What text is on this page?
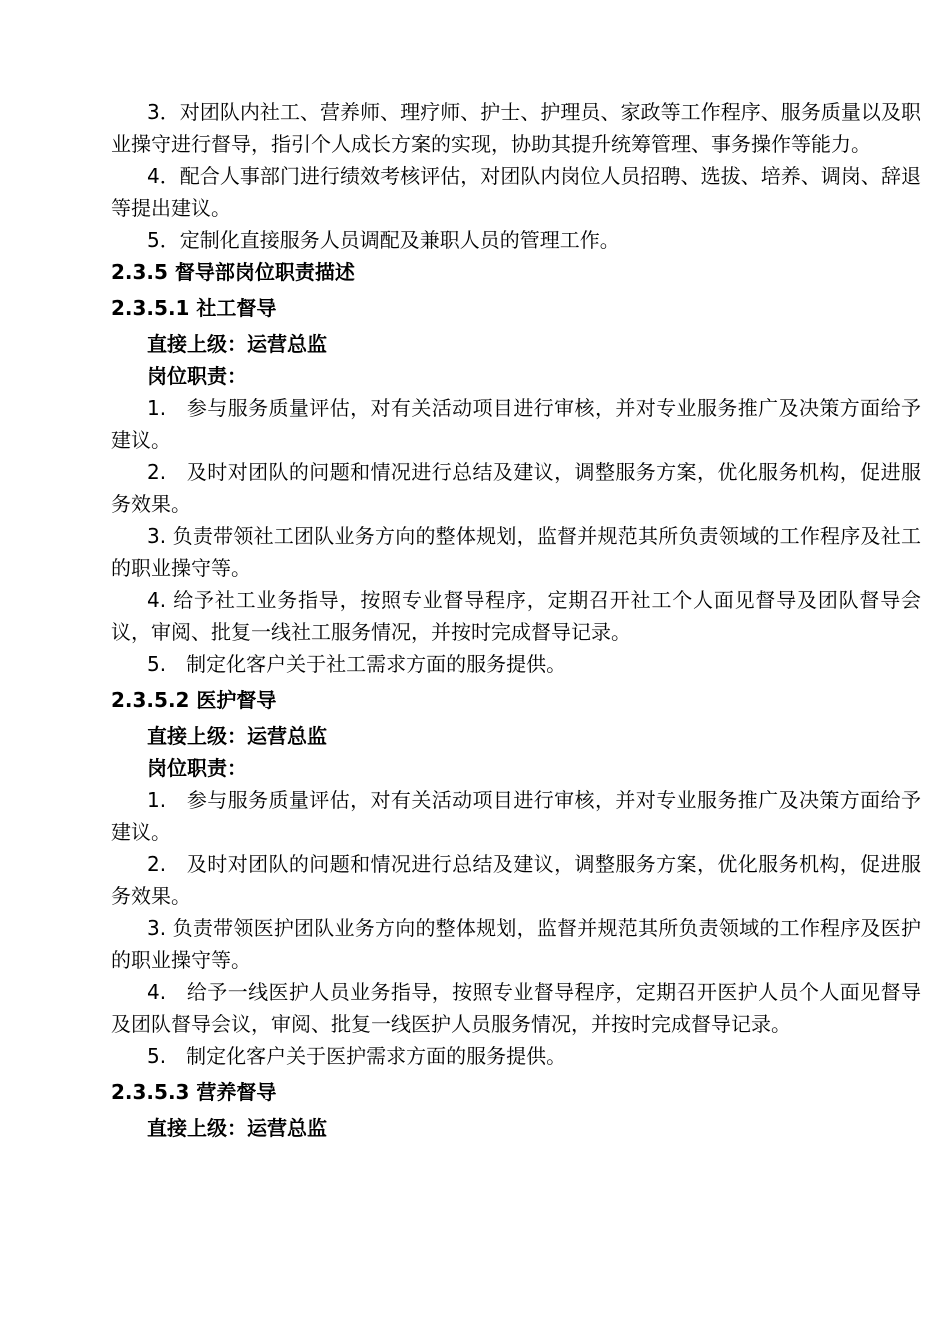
3．对团队内社工、营养师、理疗师、护士、护理员、家政等工作程序、服务质量以及职业操守进行督导，指引个人成长方案的实现，协助其提升统筹管理、事务操作等能力。

4．配合人事部门进行绩效考核评估，对团队内岗位人员招聘、选拔、培养、调岗、辞退等提出建议。

5．定制化直接服务人员调配及兼职人员的管理工作。

2.3.5 督导部岗位职责描述

2.3.5.1 社工督导

直接上级：运营总监

岗位职责：

1.　参与服务质量评估，对有关活动项目进行审核，并对专业服务推广及决策方面给予建议。

2.　及时对团队的问题和情况进行总结及建议，调整服务方案，优化服务机构，促进服务效果。

3. 负责带领社工团队业务方向的整体规划，监督并规范其所负责领域的工作程序及社工的职业操守等。

4. 给予社工业务指导，按照专业督导程序，定期召开社工个人面见督导及团队督导会议，审阅、批复一线社工服务情况，并按时完成督导记录。

5.　制定化客户关于社工需求方面的服务提供。

2.3.5.2 医护督导

直接上级：运营总监

岗位职责：

1.　参与服务质量评估，对有关活动项目进行审核，并对专业服务推广及决策方面给予建议。

2.　及时对团队的问题和情况进行总结及建议，调整服务方案，优化服务机构，促进服务效果。

3. 负责带领医护团队业务方向的整体规划，监督并规范其所负责领域的工作程序及医护的职业操守等。

4.　给予一线医护人员业务指导，按照专业督导程序，定期召开医护人员个人面见督导及团队督导会议，审阅、批复一线医护人员服务情况，并按时完成督导记录。

5.　制定化客户关于医护需求方面的服务提供。

2.3.5.3 营养督导

直接上级：运营总监
